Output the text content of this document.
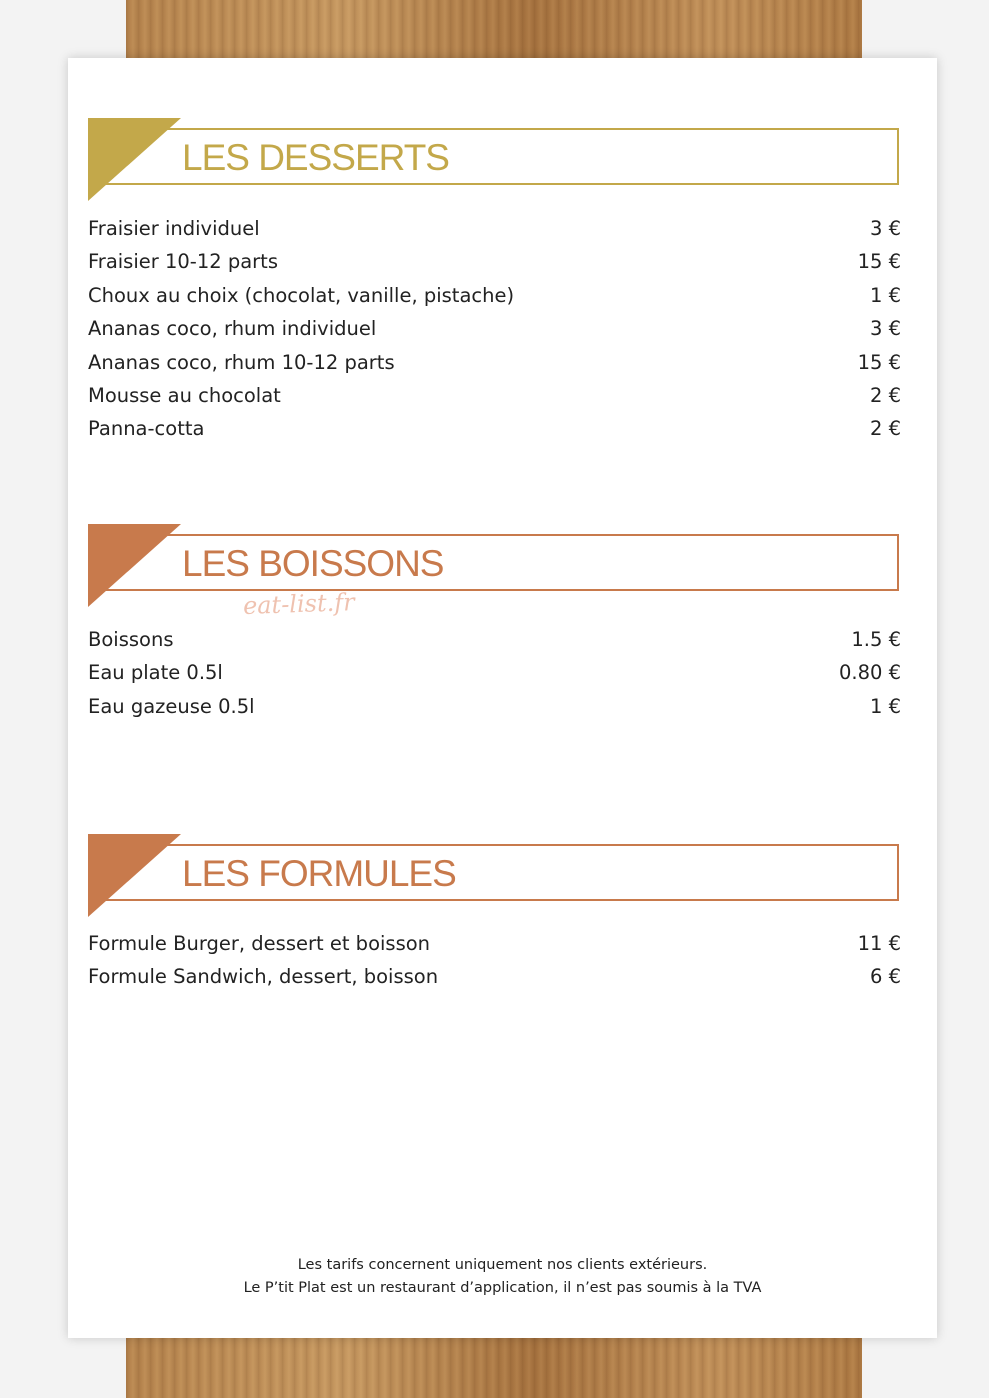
LES DESSERTS
Fraisier individuel	3 €
Fraisier 10-12 parts	15 €
Choux au choix (chocolat, vanille, pistache)	1 €
Ananas coco, rhum individuel	3 €
Ananas coco, rhum 10-12 parts	15 €
Mousse au chocolat	2 €
Panna-cotta	2 €
LES BOISSONS
eat-list.fr
Boissons	1.5 €
Eau plate 0.5l	0.80 €
Eau gazeuse 0.5l	1 €
LES FORMULES
Formule Burger, dessert et boisson	11 €
Formule Sandwich, dessert, boisson	6 €
Les tarifs concernent uniquement nos clients extérieurs.
Le P’tit Plat est un restaurant d’application, il n’est pas soumis à la TVA
